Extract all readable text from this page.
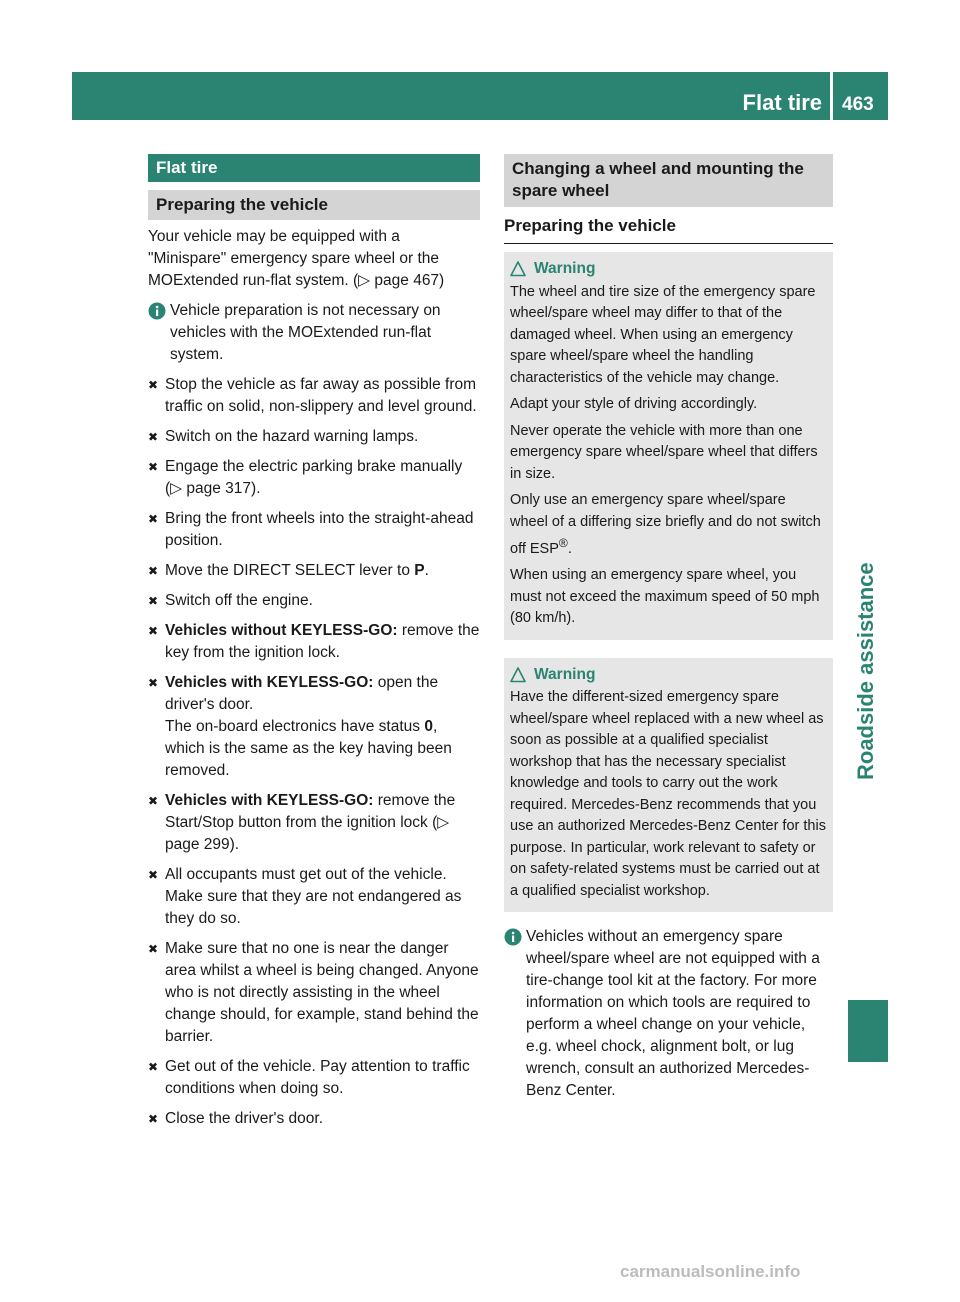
Flat tire 463
Roadside assistance
Flat tire
Preparing the vehicle

Your vehicle may be equipped with a "Minispare" emergency spare wheel or the MOExtended run-flat system. (▷ page 467)

Vehicle preparation is not necessary on vehicles with the MOExtended run-flat system.
✖ Stop the vehicle as far away as possible from traffic on solid, non-slippery and level ground.
✖ Switch on the hazard warning lamps.
✖ Engage the electric parking brake manually (▷ page 317).
✖ Bring the front wheels into the straight-ahead position.
✖ Move the DIRECT SELECT lever to P.
✖ Switch off the engine.
✖ Vehicles without KEYLESS-GO: remove the key from the ignition lock.
✖ Vehicles with KEYLESS-GO: open the driver's door.
The on-board electronics have status 0, which is the same as the key having been removed.
✖ Vehicles with KEYLESS-GO: remove the Start/Stop button from the ignition lock (▷ page 299).
✖ All occupants must get out of the vehicle. Make sure that they are not endangered as they do so.
✖ Make sure that no one is near the danger area whilst a wheel is being changed. Anyone who is not directly assisting in the wheel change should, for example, stand behind the barrier.
✖ Get out of the vehicle. Pay attention to traffic conditions when doing so.
✖ Close the driver's door.
Changing a wheel and mounting the spare wheel
Preparing the vehicle
Warning

The wheel and tire size of the emergency spare wheel/spare wheel may differ to that of the damaged wheel. When using an emergency spare wheel/spare wheel the handling characteristics of the vehicle may change.

Adapt your style of driving accordingly.

Never operate the vehicle with more than one emergency spare wheel/spare wheel that differs in size.

Only use an emergency spare wheel/spare wheel of a differing size briefly and do not switch off ESP®.

When using an emergency spare wheel, you must not exceed the maximum speed of 50 mph (80 km/h).

Warning

Have the different-sized emergency spare wheel/spare wheel replaced with a new wheel as soon as possible at a qualified specialist workshop that has the necessary specialist knowledge and tools to carry out the work required. Mercedes-Benz recommends that you use an authorized Mercedes-Benz Center for this purpose. In particular, work relevant to safety or on safety-related systems must be carried out at a qualified specialist workshop.

Vehicles without an emergency spare wheel/spare wheel are not equipped with a tire-change tool kit at the factory. For more information on which tools are required to perform a wheel change on your vehicle, e.g. wheel chock, alignment bolt, or lug wrench, consult an authorized Mercedes-Benz Center.
carmanualsonline.info
